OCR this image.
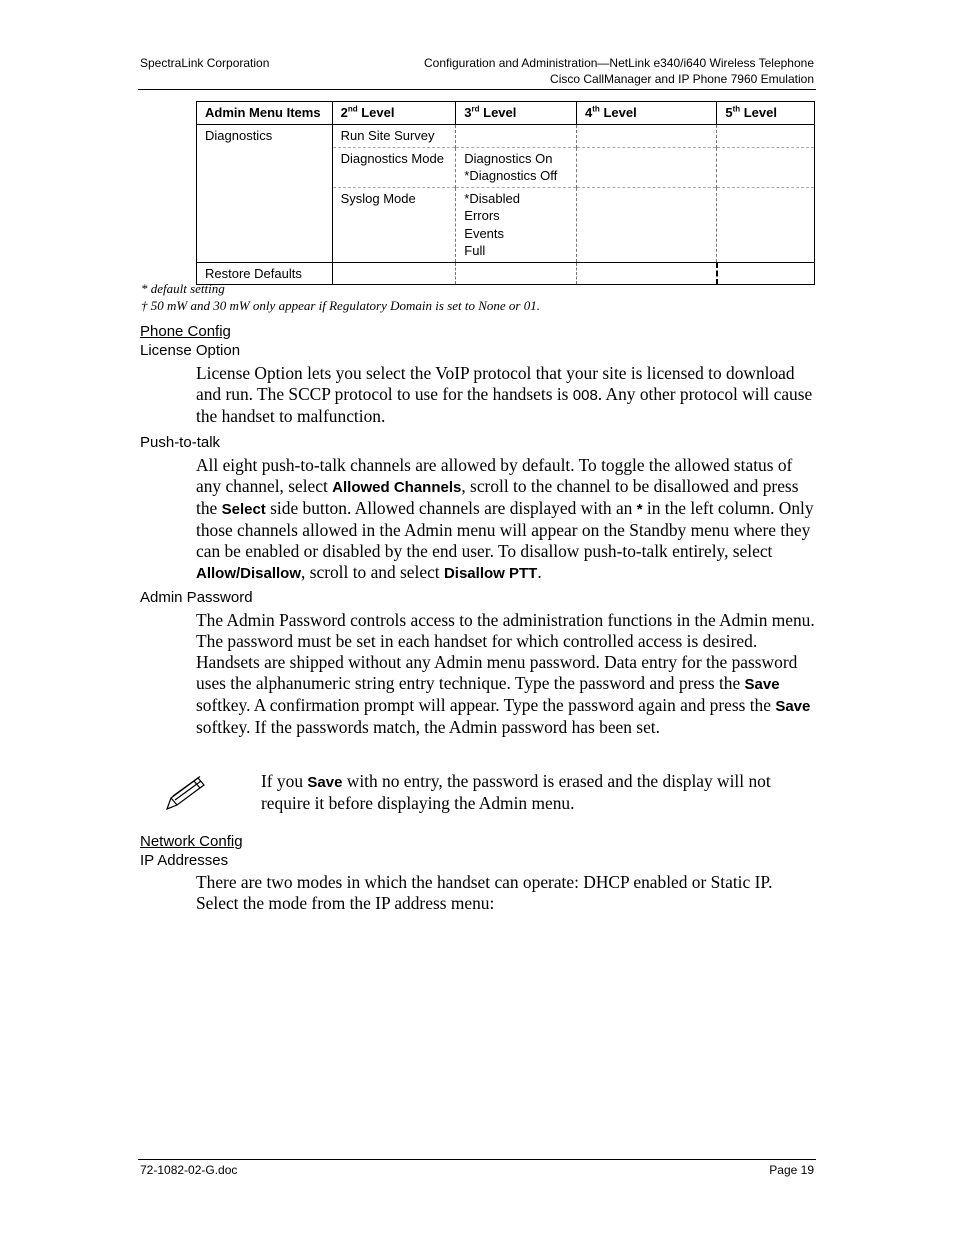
SpectraLink Corporation	Configuration and Administration—NetLink e340/i640 Wireless Telephone
Cisco CallManager and IP Phone 7960 Emulation
Admin Menu Items	2nd Level	3rd Level	4th Level	5th Level
Diagnostics	Run Site Survey			
	Diagnostics Mode	Diagnostics On
*Diagnostics Off		

	Syslog Mode	*Disabled
Errors
Events
Full		

Restore Defaults				
* default setting
† 50 mW and 30 mW only appear if Regulatory Domain is set to None or 01.
Phone Config
License Option
License Option lets you select the VoIP protocol that your site is licensed to download and run. The SCCP protocol to use for the handsets is 008. Any other protocol will cause the handset to malfunction.
Push-to-talk
All eight push-to-talk channels are allowed by default. To toggle the allowed status of any channel, select Allowed Channels, scroll to the channel to be disallowed and press the Select side button. Allowed channels are displayed with an * in the left column. Only those channels allowed in the Admin menu will appear on the Standby menu where they can be enabled or disabled by the end user. To disallow push-to-talk entirely, select Allow/Disallow, scroll to and select Disallow PTT.
Admin Password
The Admin Password controls access to the administration functions in the Admin menu. The password must be set in each handset for which controlled access is desired. Handsets are shipped without any Admin menu password. Data entry for the password uses the alphanumeric string entry technique. Type the password and press the Save softkey. A confirmation prompt will appear. Type the password again and press the Save softkey. If the passwords match, the Admin password has been set.
If you Save with no entry, the password is erased and the display will not require it before displaying the Admin menu.
Network Config
IP Addresses
There are two modes in which the handset can operate: DHCP enabled or Static IP. Select the mode from the IP address menu:
72-1082-02-G.doc	Page 19
